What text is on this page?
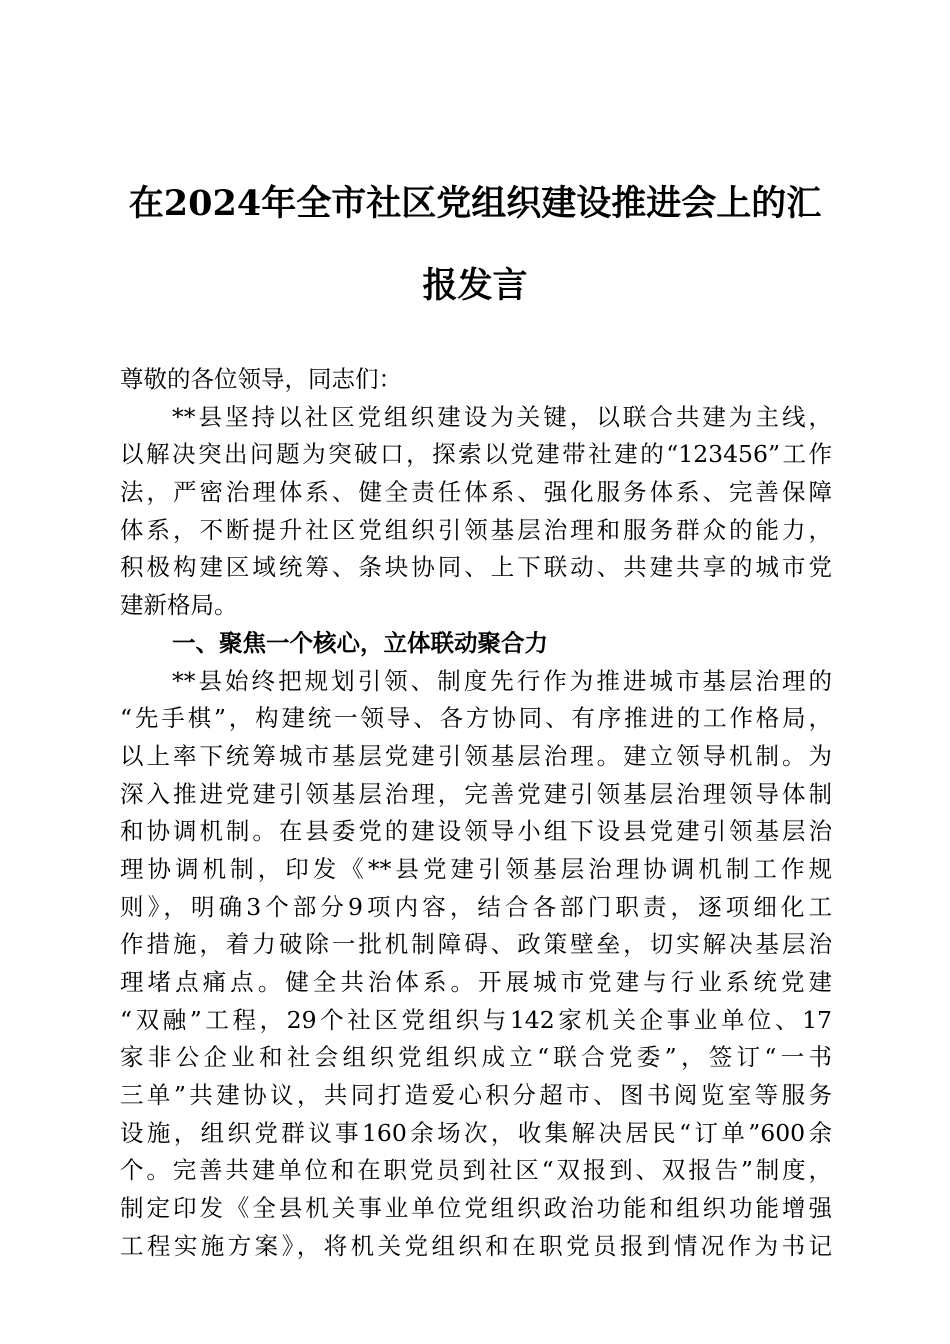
在2024年全市社区党组织建设推进会上的汇
报发言
尊敬的各位领导，同志们：
**县坚持以社区党组织建设为关键，以联合共建为主线，
以解决突出问题为突破口，探索以党建带社建的“123456”工作
法，严密治理体系、健全责任体系、强化服务体系、完善保障
体系，不断提升社区党组织引领基层治理和服务群众的能力，
积极构建区域统筹、条块协同、上下联动、共建共享的城市党
建新格局。
一、聚焦一个核心，立体联动聚合力
**县始终把规划引领、制度先行作为推进城市基层治理的
“先手棋”，构建统一领导、各方协同、有序推进的工作格局，
以上率下统筹城市基层党建引领基层治理。建立领导机制。为
深入推进党建引领基层治理，完善党建引领基层治理领导体制
和协调机制。在县委党的建设领导小组下设县党建引领基层治
理协调机制，印发《**县党建引领基层治理协调机制工作规
则》，明确3个部分9项内容，结合各部门职责，逐项细化工
作措施，着力破除一批机制障碍、政策壁垒，切实解决基层治
理堵点痛点。健全共治体系。开展城市党建与行业系统党建
“双融”工程，29个社区党组织与142家机关企事业单位、17
家非公企业和社会组织党组织成立“联合党委”，签订“一书
三单”共建协议，共同打造爱心积分超市、图书阅览室等服务
设施，组织党群议事160余场次，收集解决居民“订单”600余
个。完善共建单位和在职党员到社区“双报到、双报告”制度，
制定印发《全县机关事业单位党组织政治功能和组织功能增强
工程实施方案》，将机关党组织和在职党员报到情况作为书记
